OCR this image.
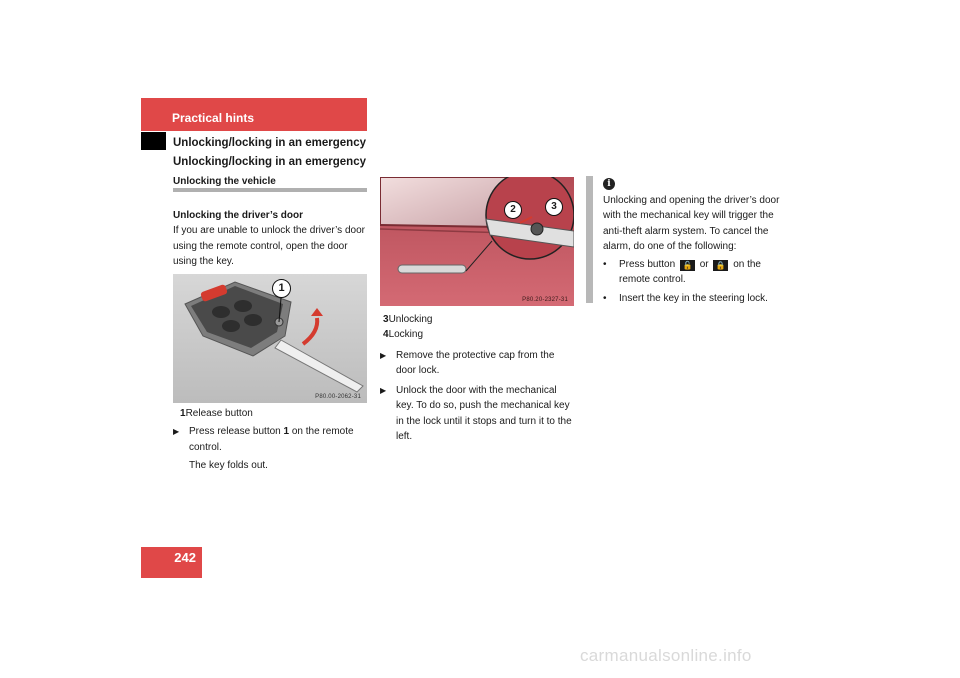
Practical hints
Unlocking/locking in an emergency
Unlocking/locking in an emergency
Unlocking the vehicle
Unlocking the driver’s door
If you are unable to unlock the driver’s door using the remote control, open the door using the key.
1
P80.00-2062-31
1Release button
▶ Press release button 1 on the remote control.
The key folds out.
2	3
P80.20-2327-31
3Unlocking
4Locking
▶ Remove the protective cap from the door lock.
▶ Unlock the door with the mechanical key. To do so, push the mechanical key in the lock until it stops and turn it to the left.
i
Unlocking and opening the driver’s door with the mechanical key will trigger the anti-theft alarm system. To cancel the alarm, do one of the following:
• Press button 🔓 or 🔒 on the remote control.
• Insert the key in the steering lock.
242
carmanualsonline.info
